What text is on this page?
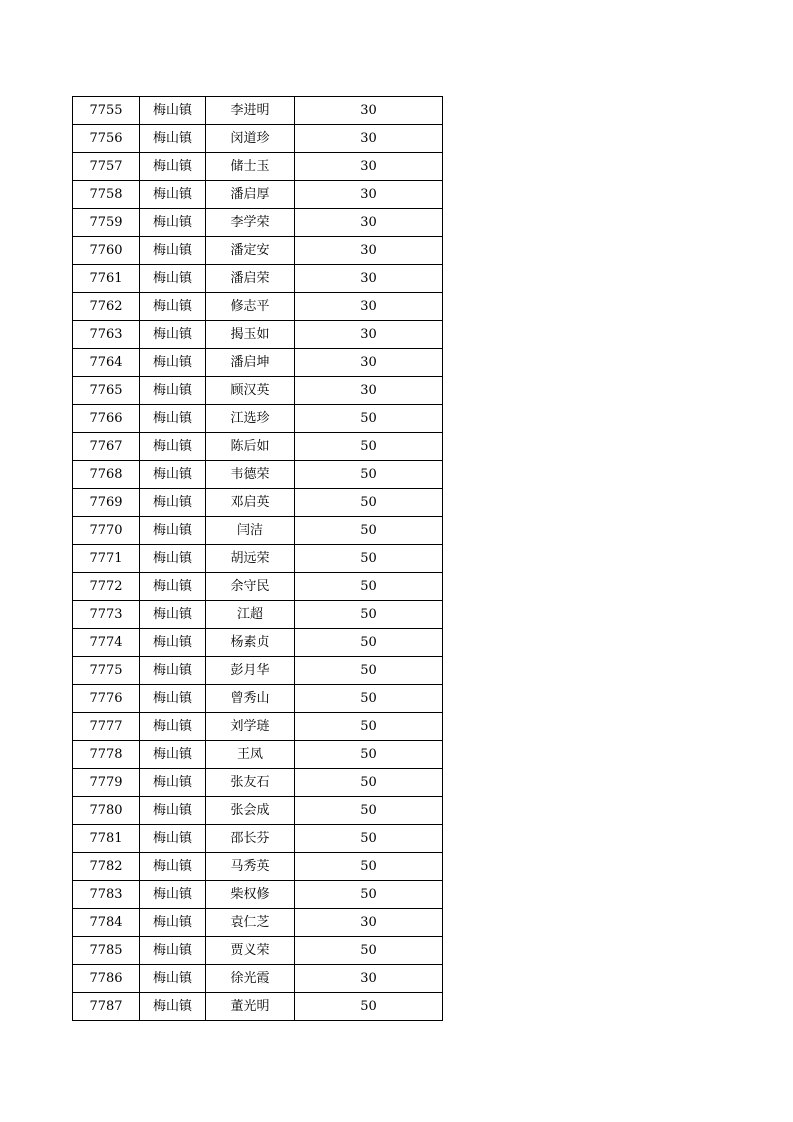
7755	梅山镇	李进明	30
7756	梅山镇	闵道珍	30
7757	梅山镇	储士玉	30
7758	梅山镇	潘启厚	30
7759	梅山镇	李学荣	30
7760	梅山镇	潘定安	30
7761	梅山镇	潘启荣	30
7762	梅山镇	修志平	30
7763	梅山镇	揭玉如	30
7764	梅山镇	潘启坤	30
7765	梅山镇	顾汉英	30
7766	梅山镇	江选珍	50
7767	梅山镇	陈后如	50
7768	梅山镇	韦德荣	50
7769	梅山镇	邓启英	50
7770	梅山镇	闫洁	50
7771	梅山镇	胡远荣	50
7772	梅山镇	余守民	50
7773	梅山镇	江超	50
7774	梅山镇	杨素贞	50
7775	梅山镇	彭月华	50
7776	梅山镇	曾秀山	50
7777	梅山镇	刘学琏	50
7778	梅山镇	王凤	50
7779	梅山镇	张友石	50
7780	梅山镇	张会成	50
7781	梅山镇	邵长芬	50
7782	梅山镇	马秀英	50
7783	梅山镇	柴权修	50
7784	梅山镇	袁仁芝	30
7785	梅山镇	贾义荣	50
7786	梅山镇	徐光霞	30
7787	梅山镇	董光明	50
